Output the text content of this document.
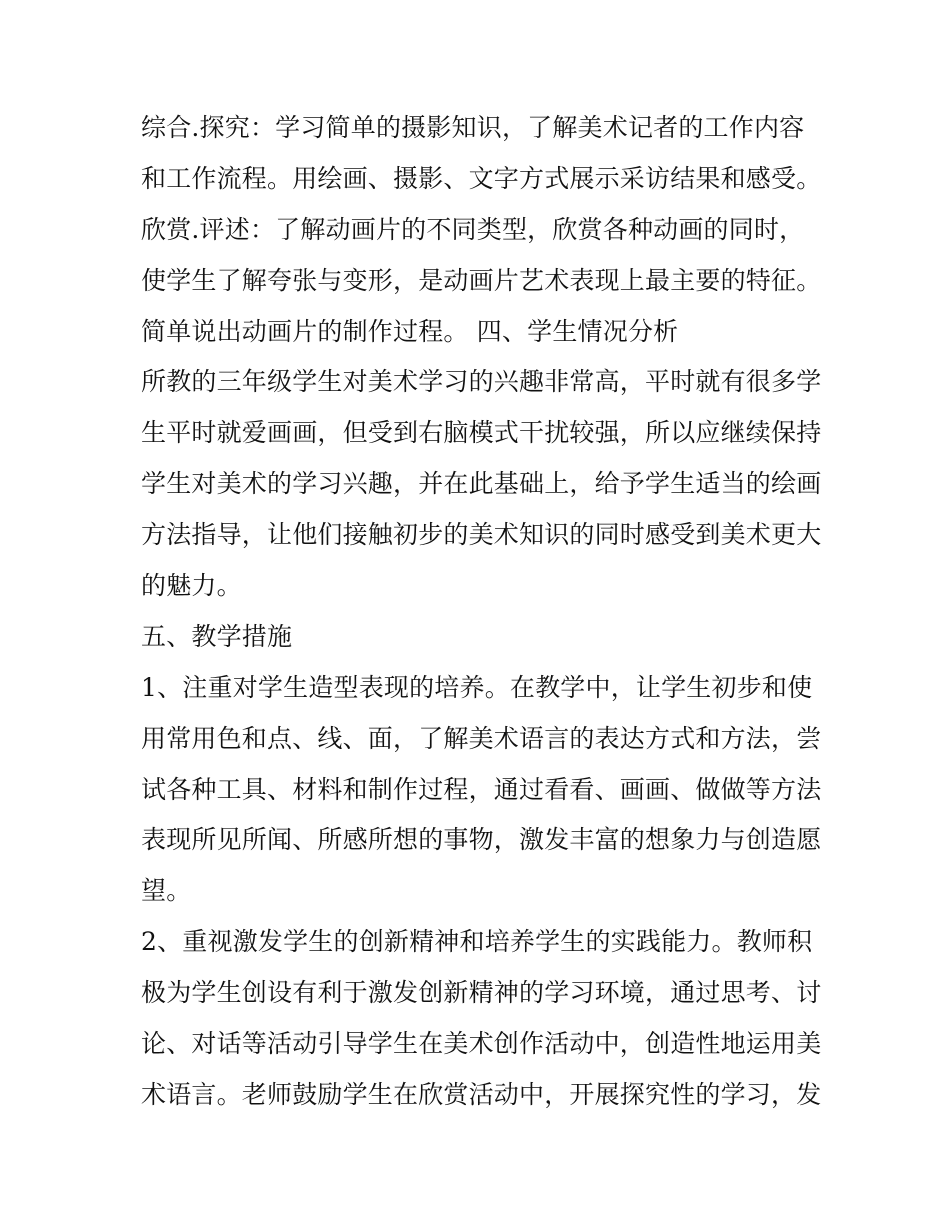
综合.探究：学习简单的摄影知识，了解美术记者的工作内容
和工作流程。用绘画、摄影、文字方式展示采访结果和感受。
欣赏.评述：了解动画片的不同类型，欣赏各种动画的同时，
使学生了解夸张与变形，是动画片艺术表现上最主要的特征。
简单说出动画片的制作过程。 四、学生情况分析
所教的三年级学生对美术学习的兴趣非常高，平时就有很多学
生平时就爱画画，但受到右脑模式干扰较强，所以应继续保持
学生对美术的学习兴趣，并在此基础上，给予学生适当的绘画
方法指导，让他们接触初步的美术知识的同时感受到美术更大
的魅力。
五、教学措施
1、注重对学生造型表现的培养。在教学中，让学生初步和使
用常用色和点、线、面，了解美术语言的表达方式和方法，尝
试各种工具、材料和制作过程，通过看看、画画、做做等方法
表现所见所闻、所感所想的事物，激发丰富的想象力与创造愿
望。
2、重视激发学生的创新精神和培养学生的实践能力。教师积
极为学生创设有利于激发创新精神的学习环境，通过思考、讨
论、对话等活动引导学生在美术创作活动中，创造性地运用美
术语言。老师鼓励学生在欣赏活动中，开展探究性的学习，发
